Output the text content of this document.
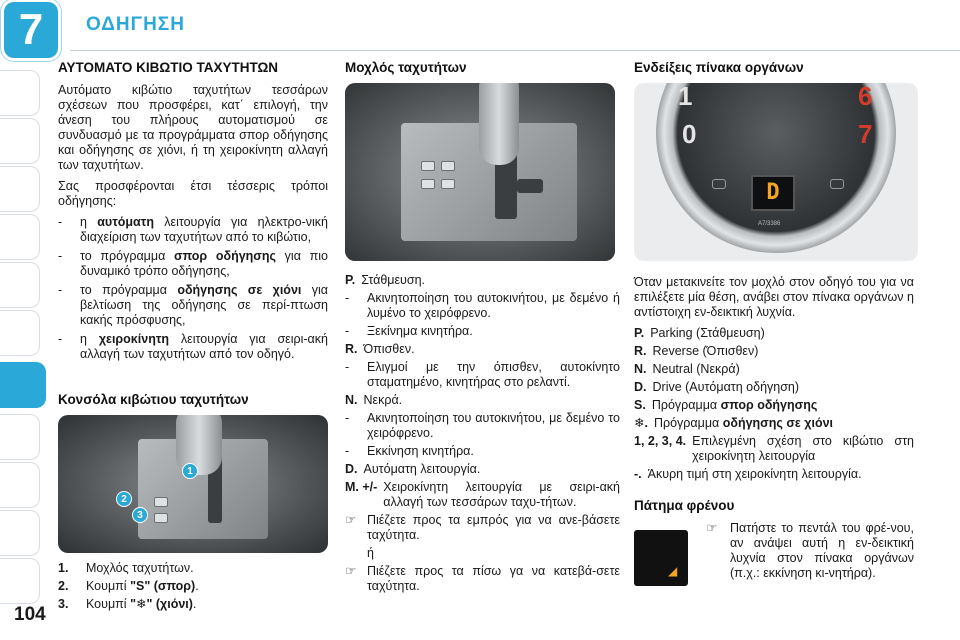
7	ΟΔΗΓΗΣΗ
104
ΑΥΤΟΜΑΤΟ ΚΙΒΩΤΙΟ ΤΑΧΥΤΗΤΩΝ

Αυτόματο κιβώτιο ταχυτήτων τεσσάρων σχέσεων που προσφέρει, κατ΄ επιλογή, την άνεση του πλήρους αυτοματισμού σε συνδυασμό με τα προγράμματα σπορ οδήγησης και οδήγησης σε χιόνι, ή τη χειροκίνητη αλλαγή των ταχυτήτων.

Σας προσφέρονται έτσι τέσσερις τρόποι οδήγησης:

-	η αυτόματη λειτουργία για ηλεκτρο-νική διαχείριση των ταχυτήτων από το κιβώτιο,
-	το πρόγραμμα σπορ οδήγησης για πιο δυναμικό τρόπο οδήγησης,
-	το πρόγραμμα οδήγησης σε χιόνι για βελτίωση της οδήγησης σε περί-πτωση κακής πρόσφυσης,
-	η χειροκίνητη λειτουργία για σειρι-ακή αλλαγή των ταχυτήτων από τον οδηγό.
Κονσόλα κιβώτιου ταχυτήτων
1
2
3
1.	Μοχλός ταχυτήτων.
2.	Κουμπί "S" (σπορ).
3.	Κουμπί "❄" (χιόνι).
Μοχλός ταχυτήτων
P. Στάθμευση.
-	Ακινητοποίηση του αυτοκινήτου, με δεμένο ή λυμένο το χειρόφρενο.
-	Ξεκίνημα κινητήρα.
R. Όπισθεν.
-	Ελιγμοί με την όπισθεν, αυτοκίνητο σταματημένο, κινητήρας στο ρελαντί.
N. Νεκρά.
-	Ακινητοποίηση του αυτοκινήτου, με δεμένο το χειρόφρενο.
-	Εκκίνηση κινητήρα.
D. Αυτόματη λειτουργία.
M. +/- Χειροκίνητη λειτουργία με σειρι-ακή αλλαγή των τεσσάρων ταχυ-τήτων.
☞ Πιέζετε προς τα εμπρός για να ανε-βάσετε ταχύτητα.
ή
☞ Πιέζετε προς τα πίσω γα να κατεβά-σετε ταχύτητα.
Ενδείξεις πίνακα οργάνων
1	6
0	7
D
A7/3386

Όταν μετακινείτε τον μοχλό στον οδηγό του για να επιλέξετε μία θέση, ανάβει στον πίνακα οργάνων η αντίστοιχη εν-δεικτική λυχνία.

P. Parking (Στάθμευση)
R. Reverse (Όπισθεν)
N. Neutral (Νεκρά)
D. Drive (Αυτόματη οδήγηση)
S. Πρόγραμμα σπορ οδήγησης
❄. Πρόγραμμα οδήγησης σε χιόνι
1, 2, 3, 4. Επιλεγμένη σχέση στο κιβώτιο στη χειροκίνητη λειτουργία
-. Άκυρη τιμή στη χειροκίνητη λειτουργία.
Πάτημα φρένου
☞	Πατήστε το πεντάλ του φρέ-νου, αν ανάψει αυτή η εν-δεικτική λυχνία στον πίνακα οργάνων (π.χ.: εκκίνηση κι-νητήρα).
◢
